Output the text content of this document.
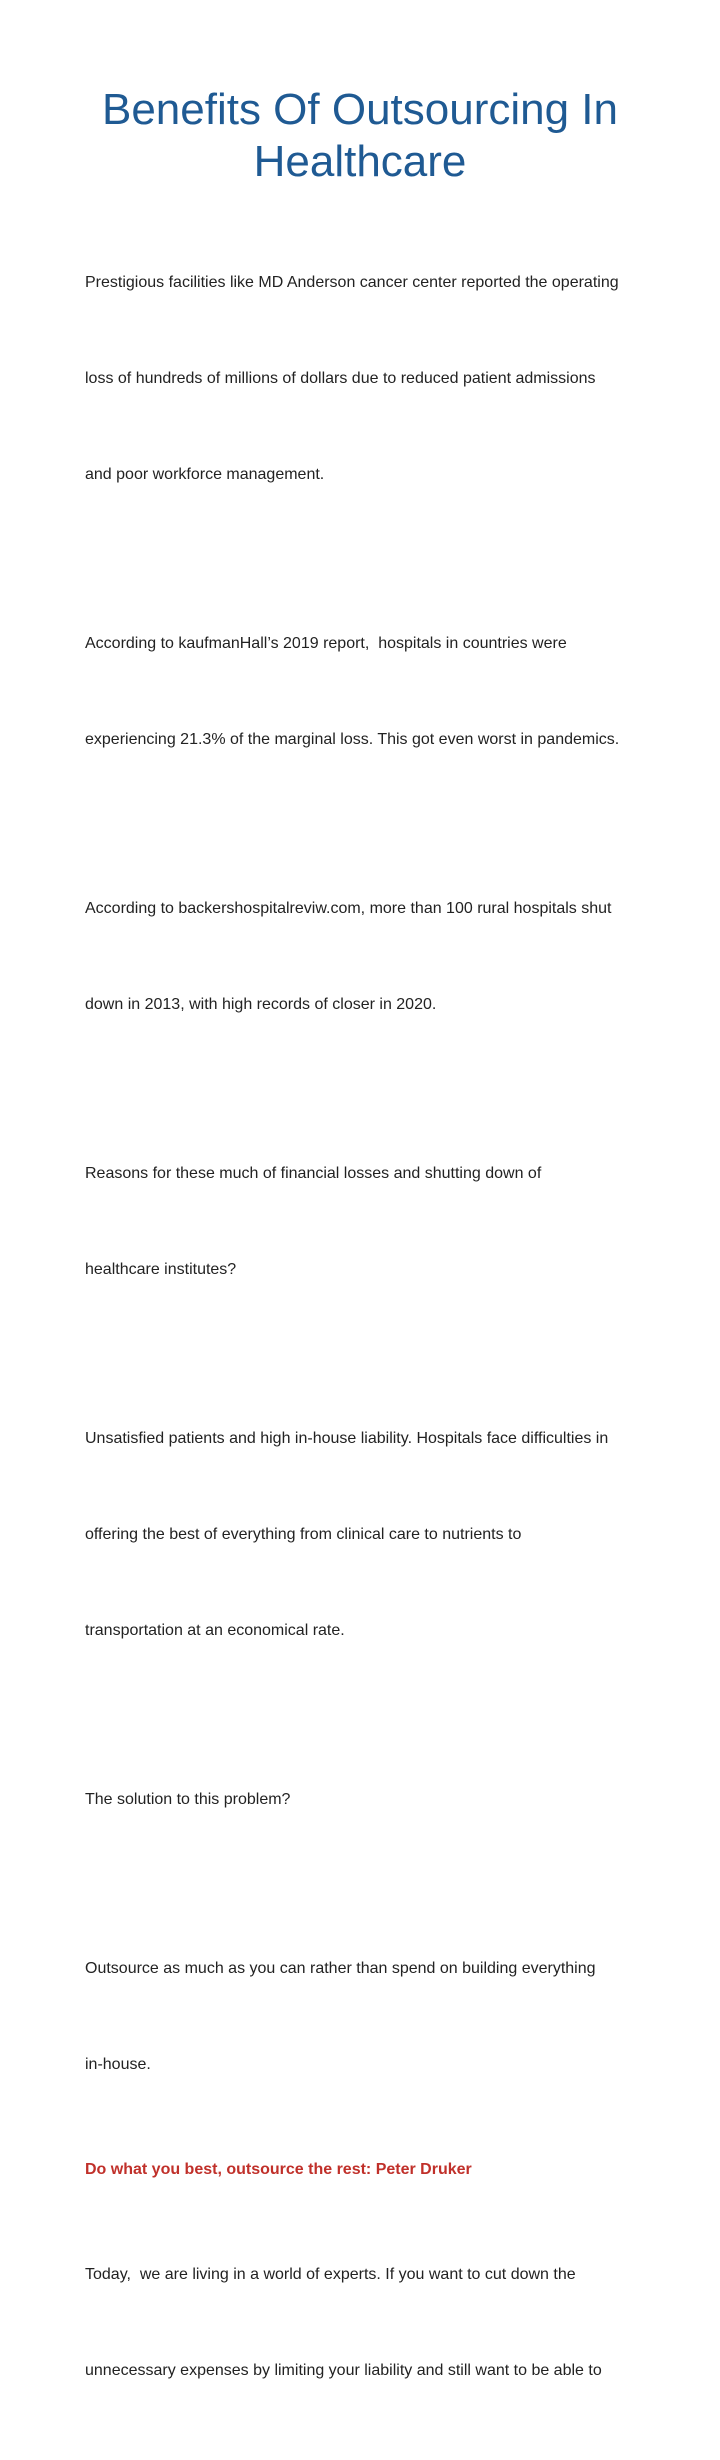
Benefits Of Outsourcing In Healthcare

Prestigious facilities like MD Anderson cancer center reported the operating

loss of hundreds of millions of dollars due to reduced patient admissions

and poor workforce management.

According to kaufmanHall’s 2019 report,  hospitals in countries were

experiencing 21.3% of the marginal loss. This got even worst in pandemics.

According to backershospitalreviw.com, more than 100 rural hospitals shut

down in 2013, with high records of closer in 2020.

Reasons for these much of financial losses and shutting down of

healthcare institutes?

Unsatisfied patients and high in-house liability. Hospitals face difficulties in

offering the best of everything from clinical care to nutrients to

transportation at an economical rate.

The solution to this problem?

Outsource as much as you can rather than spend on building everything

in-house.

Do what you best, outsource the rest: Peter Druker

Today,  we are living in a world of experts. If you want to cut down the

unnecessary expenses by limiting your liability and still want to be able to
